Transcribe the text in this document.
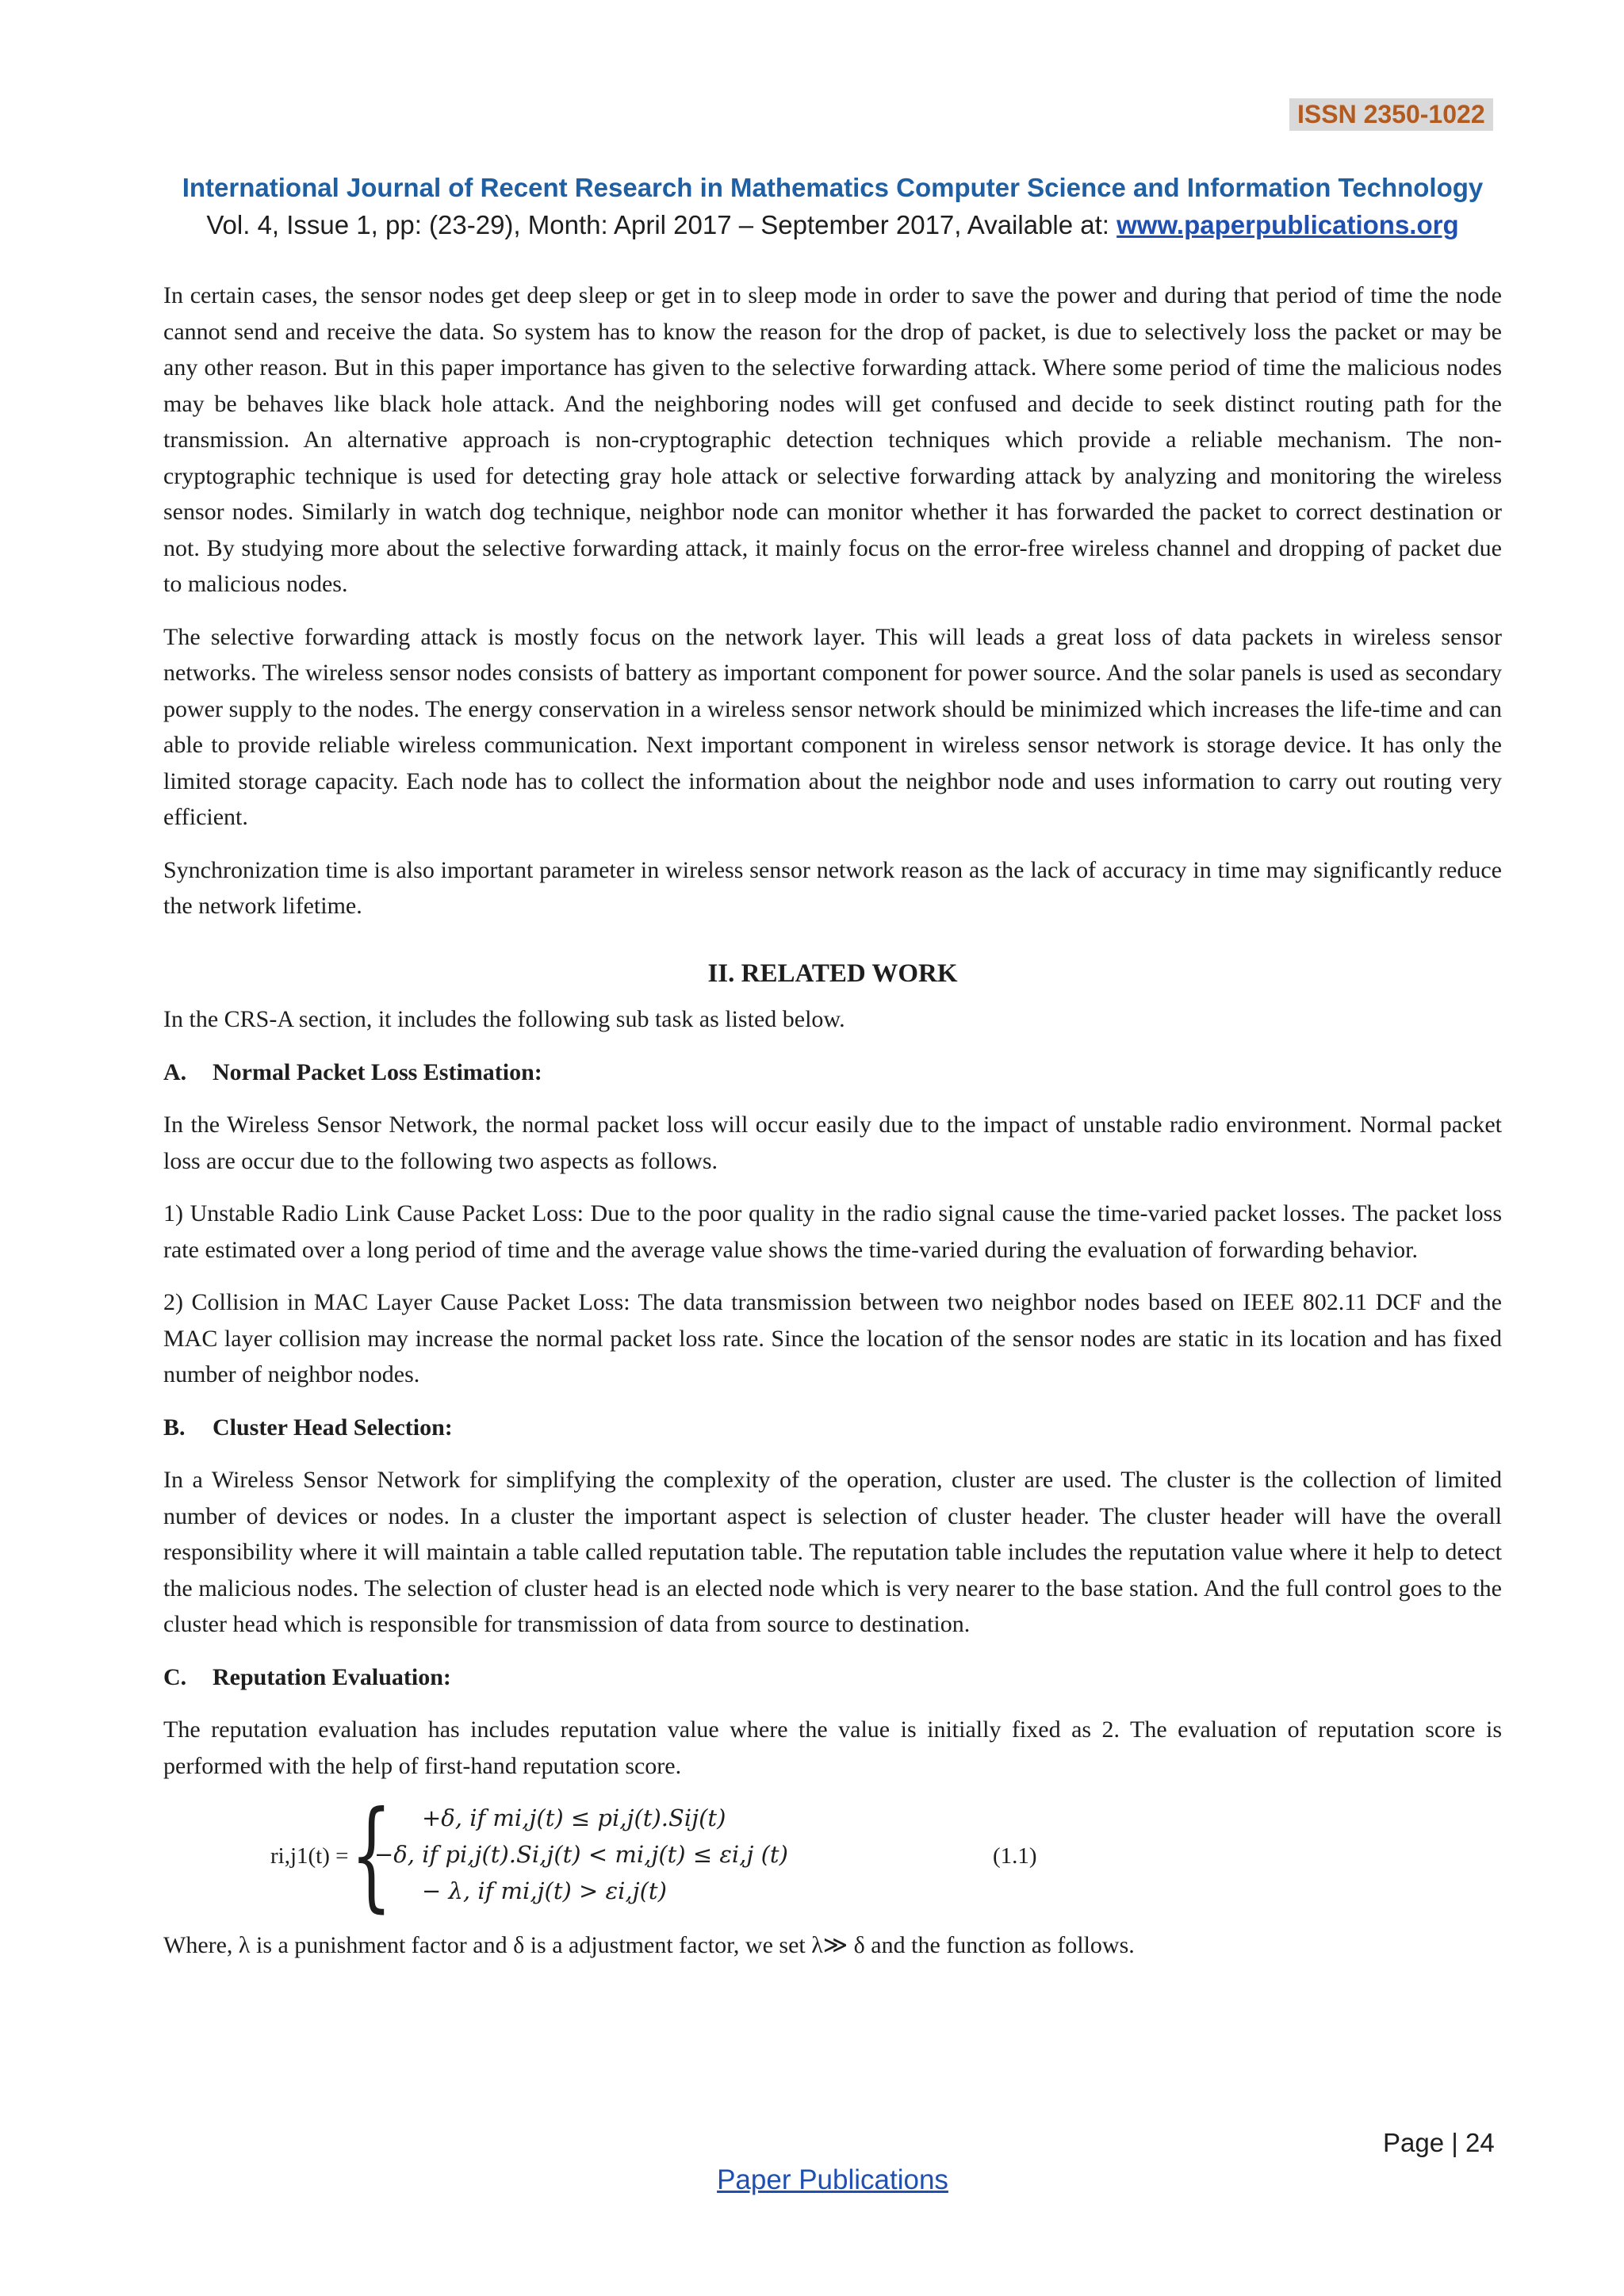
ISSN 2350-1022
International Journal of Recent Research in Mathematics Computer Science and Information Technology
Vol. 4, Issue 1, pp: (23-29), Month: April 2017 – September 2017, Available at: www.paperpublications.org

In certain cases, the sensor nodes get deep sleep or get in to sleep mode in order to save the power and during that period of time the node cannot send and receive the data. So system has to know the reason for the drop of packet, is due to selectively loss the packet or may be any other reason. But in this paper importance has given to the selective forwarding attack. Where some period of time the malicious nodes may be behaves like black hole attack. And the neighboring nodes will get confused and decide to seek distinct routing path for the transmission. An alternative approach is non-cryptographic detection techniques which provide a reliable mechanism. The non-cryptographic technique is used for detecting gray hole attack or selective forwarding attack by analyzing and monitoring the wireless sensor nodes. Similarly in watch dog technique, neighbor node can monitor whether it has forwarded the packet to correct destination or not. By studying more about the selective forwarding attack, it mainly focus on the error-free wireless channel and dropping of packet due to malicious nodes.

The selective forwarding attack is mostly focus on the network layer. This will leads a great loss of data packets in wireless sensor networks. The wireless sensor nodes consists of battery as important component for power source. And the solar panels is used as secondary power supply to the nodes. The energy conservation in a wireless sensor network should be minimized which increases the life-time and can able to provide reliable wireless communication. Next important component in wireless sensor network is storage device. It has only the limited storage capacity. Each node has to collect the information about the neighbor node and uses information to carry out routing very efficient.

Synchronization time is also important parameter in wireless sensor network reason as the lack of accuracy in time may significantly reduce the network lifetime.

II. RELATED WORK

In the CRS-A section, it includes the following sub task as listed below.

A. Normal Packet Loss Estimation:

In the Wireless Sensor Network, the normal packet loss will occur easily due to the impact of unstable radio environment. Normal packet loss are occur due to the following two aspects as follows.

1) Unstable Radio Link Cause Packet Loss: Due to the poor quality in the radio signal cause the time-varied packet losses. The packet loss rate estimated over a long period of time and the average value shows the time-varied during the evaluation of forwarding behavior.

2) Collision in MAC Layer Cause Packet Loss: The data transmission between two neighbor nodes based on IEEE 802.11 DCF and the MAC layer collision may increase the normal packet loss rate. Since the location of the sensor nodes are static in its location and has fixed number of neighbor nodes.

B. Cluster Head Selection:

In a Wireless Sensor Network for simplifying the complexity of the operation, cluster are used. The cluster is the collection of limited number of devices or nodes. In a cluster the important aspect is selection of cluster header. The cluster header will have the overall responsibility where it will maintain a table called reputation table. The reputation table includes the reputation value where it help to detect the malicious nodes. The selection of cluster head is an elected node which is very nearer to the base station. And the full control goes to the cluster head which is responsible for transmission of data from source to destination.

C. Reputation Evaluation:

The reputation evaluation has includes reputation value where the value is initially fixed as 2. The evaluation of reputation score is performed with the help of first-hand reputation score.

ri,j1(t) = { +δ, if mi,j(t) ≤ pi,j(t).Sij(t)
−δ, if pi,j(t).Si,j(t) < mi,j(t) ≤ εi,j (t)
− λ, if mi,j(t) > εi,j(t)
(1.1)

Where, λ is a punishment factor and δ is a adjustment factor, we set λ≫ δ and the function as follows.

Page | 24
Paper Publications
